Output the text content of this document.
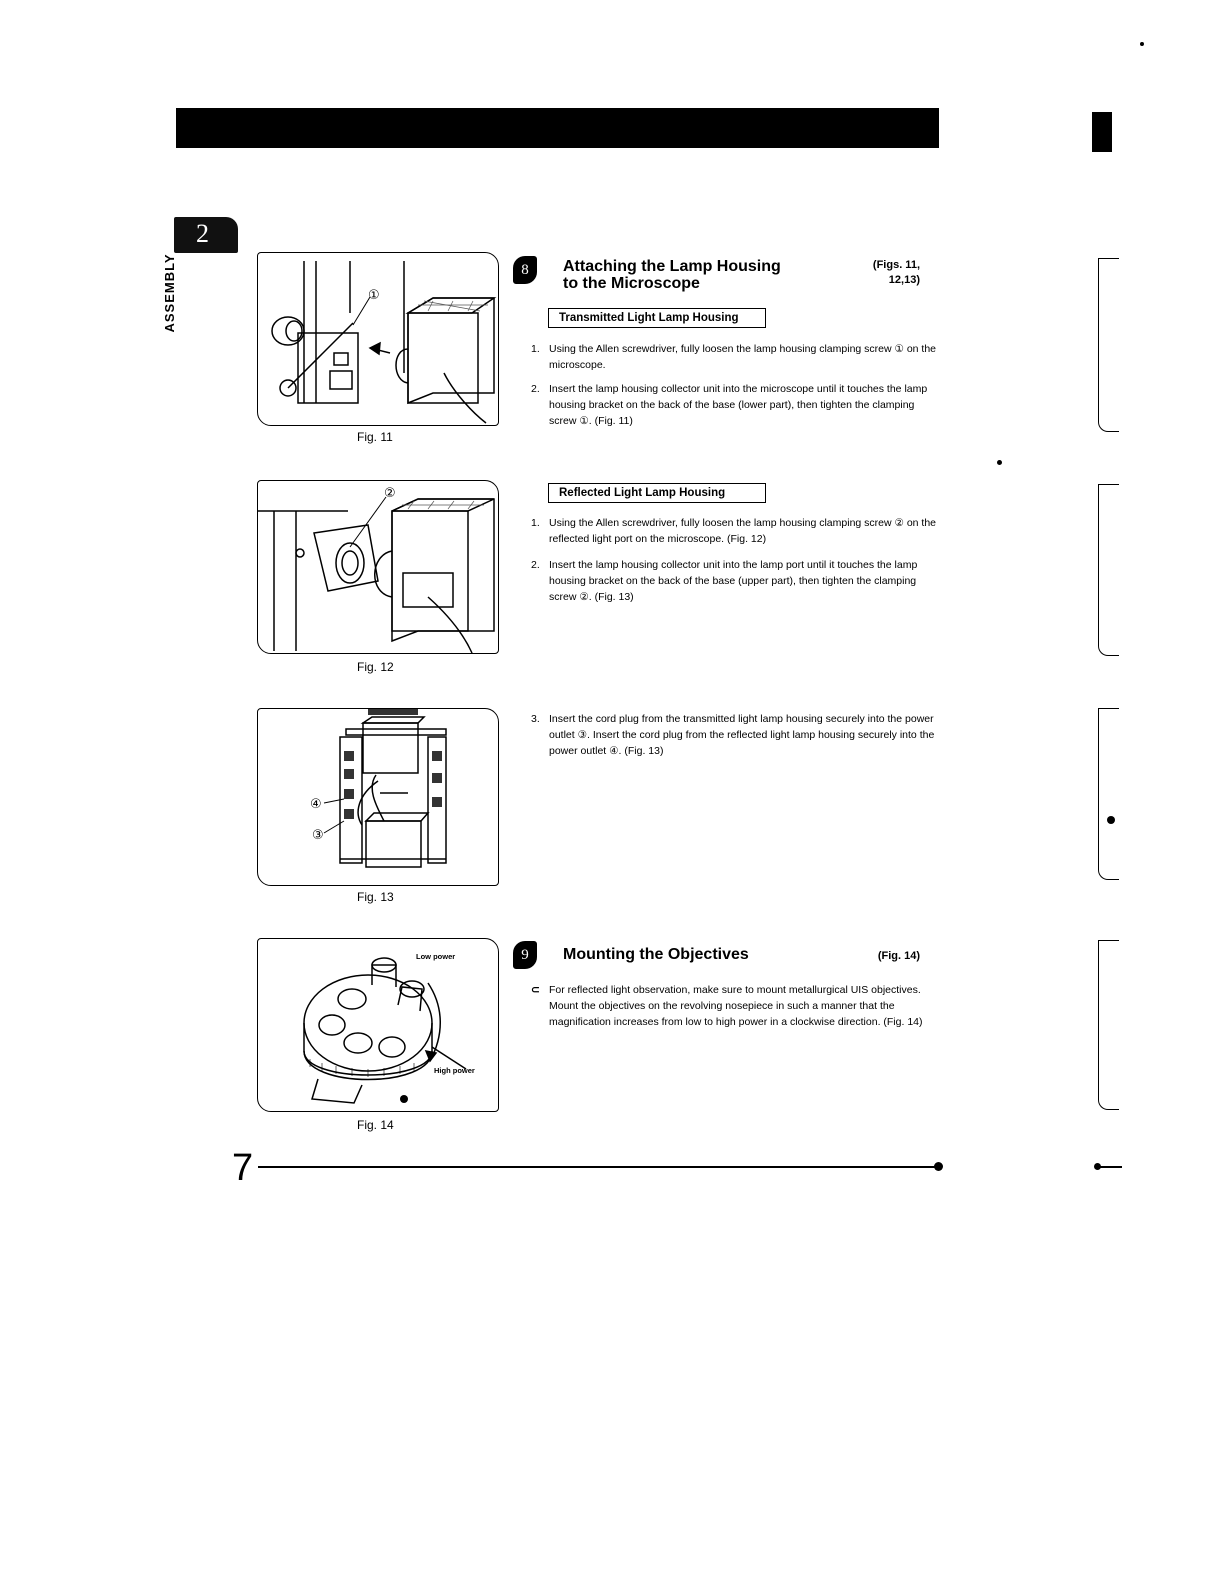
2
ASSEMBLY	①
Fig. 11
②
Fig. 12
④
③
Fig. 13
Low power
High power
Fig. 14
8	Attaching the Lamp Housing
to the Microscope
(Figs. 11,
12,13)
Transmitted Light Lamp Housing
1. Using the Allen screwdriver, fully loosen the lamp housing clamping screw ① on the microscope.
2. Insert the lamp housing collector unit into the microscope until it touches the lamp housing bracket on the back of the base (lower part), then tighten the clamping screw ①. (Fig. 11)
Reflected Light Lamp Housing
1. Using the Allen screwdriver, fully loosen the lamp housing clamping screw ② on the reflected light port on the microscope. (Fig. 12)
2. Insert the lamp housing collector unit into the lamp port until it touches the lamp housing bracket on the back of the base (upper part), then tighten the clamping screw ②. (Fig. 13)
3. Insert the cord plug from the transmitted light lamp housing securely into the power outlet ③. Insert the cord plug from the reflected light lamp housing securely into the power outlet ④. (Fig. 13)
9	Mounting the Objectives	(Fig. 14)
⊂ For reflected light observation, make sure to mount metallurgical UIS objectives.
Mount the objectives on the revolving nosepiece in such a manner that the magnification increases from low to high power in a clockwise direction. (Fig. 14)
7
